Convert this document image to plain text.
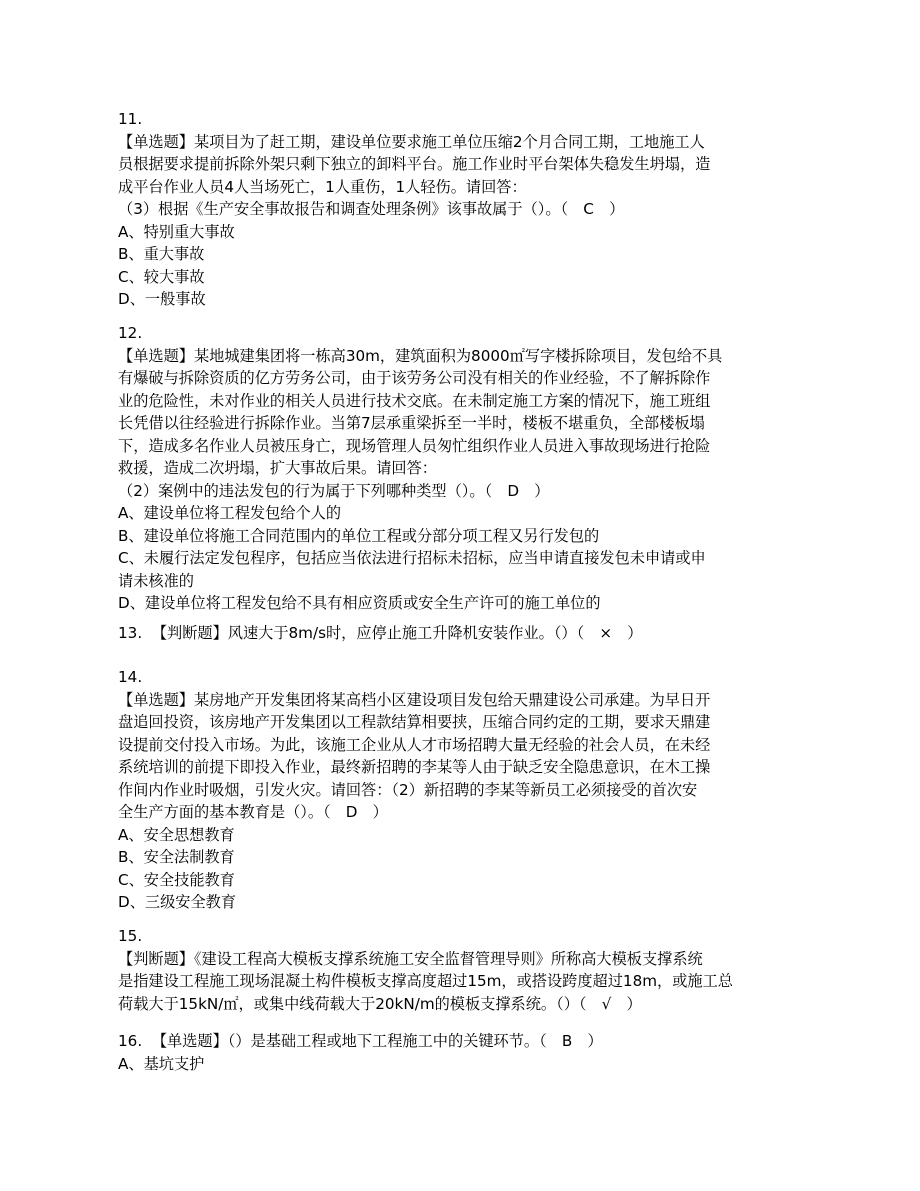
11.
【单选题】某项目为了赶工期，建设单位要求施工单位压缩2个月合同工期，工地施工人
员根据要求提前拆除外架只剩下独立的卸料平台。施工作业时平台架体失稳发生坍塌，造
成平台作业人员4人当场死亡，1人重伤，1人轻伤。请回答：
（3）根据《生产安全事故报告和调查处理条例》该事故属于（）。（　C　）
A、特别重大事故
B、重大事故
C、较大事故
D、一般事故
12.
【单选题】某地城建集团将一栋高30m，建筑面积为8000㎡写字楼拆除项目，发包给不具
有爆破与拆除资质的亿方劳务公司，由于该劳务公司没有相关的作业经验，不了解拆除作
业的危险性，未对作业的相关人员进行技术交底。在未制定施工方案的情况下，施工班组
长凭借以往经验进行拆除作业。当第7层承重梁拆至一半时，楼板不堪重负，全部楼板塌
下，造成多名作业人员被压身亡，现场管理人员匆忙组织作业人员进入事故现场进行抢险
救援，造成二次坍塌，扩大事故后果。请回答：
（2）案例中的违法发包的行为属于下列哪种类型（）。（　D　）
A、建设单位将工程发包给个人的
B、建设单位将施工合同范围内的单位工程或分部分项工程又另行发包的
C、未履行法定发包程序，包括应当依法进行招标未招标，应当申请直接发包未申请或申
请未核准的
D、建设单位将工程发包给不具有相应资质或安全生产许可的施工单位的
13. 【判断题】风速大于8m/s时，应停止施工升降机安装作业。（）（　×　）
14.
【单选题】某房地产开发集团将某高档小区建设项目发包给天鼎建设公司承建。为早日开
盘追回投资，该房地产开发集团以工程款结算相要挟，压缩合同约定的工期，要求天鼎建
设提前交付投入市场。为此，该施工企业从人才市场招聘大量无经验的社会人员，在未经
系统培训的前提下即投入作业，最终新招聘的李某等人由于缺乏安全隐患意识，在木工操
作间内作业时吸烟，引发火灾。请回答：（2）新招聘的李某等新员工必须接受的首次安
全生产方面的基本教育是（）。（　D　）
A、安全思想教育
B、安全法制教育
C、安全技能教育
D、三级安全教育
15.
【判断题】《建设工程高大模板支撑系统施工安全监督管理导则》所称高大模板支撑系统
是指建设工程施工现场混凝土构件模板支撑高度超过15m，或搭设跨度超过18m，或施工总
荷载大于15kN/㎡，或集中线荷载大于20kN/m的模板支撑系统。（）（　√　）
16. 【单选题】（）是基础工程或地下工程施工中的关键环节。（　B　）
A、基坑支护
